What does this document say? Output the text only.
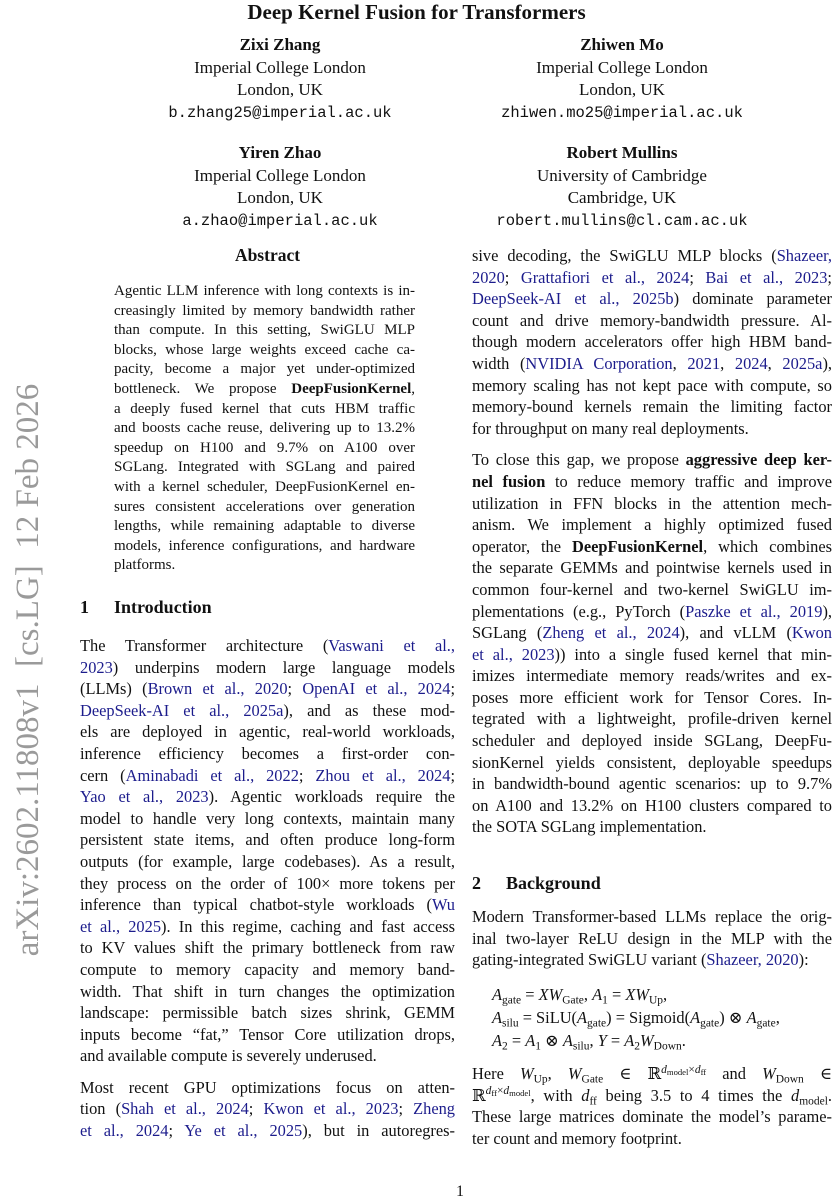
Deep Kernel Fusion for Transformers
Zixi Zhang
Imperial College London
London, UK
b.zhang25@imperial.ac.uk
Zhiwen Mo
Imperial College London
London, UK
zhiwen.mo25@imperial.ac.uk
Yiren Zhao
Imperial College London
London, UK
a.zhao@imperial.ac.uk
Robert Mullins
University of Cambridge
Cambridge, UK
robert.mullins@cl.cam.ac.uk
arXiv:2602.11808v1  [cs.LG]  12 Feb 2026
Abstract
Agentic LLM inference with long contexts is in-
creasingly limited by memory bandwidth rather
than compute. In this setting, SwiGLU MLP
blocks, whose large weights exceed cache ca-
pacity, become a major yet under-optimized
bottleneck. We propose DeepFusionKernel,
a deeply fused kernel that cuts HBM traffic
and boosts cache reuse, delivering up to 13.2%
speedup on H100 and 9.7% on A100 over
SGLang. Integrated with SGLang and paired
with a kernel scheduler, DeepFusionKernel en-
sures consistent accelerations over generation
lengths, while remaining adaptable to diverse
models, inference configurations, and hardware
platforms.
1 Introduction
The Transformer architecture (Vaswani et al.,
2023) underpins modern large language models
(LLMs) (Brown et al., 2020; OpenAI et al., 2024;
DeepSeek-AI et al., 2025a), and as these mod-
els are deployed in agentic, real-world workloads,
inference efficiency becomes a first-order con-
cern (Aminabadi et al., 2022; Zhou et al., 2024;
Yao et al., 2023). Agentic workloads require the
model to handle very long contexts, maintain many
persistent state items, and often produce long-form
outputs (for example, large codebases). As a result,
they process on the order of 100× more tokens per
inference than typical chatbot-style workloads (Wu
et al., 2025). In this regime, caching and fast access
to KV values shift the primary bottleneck from raw
compute to memory capacity and memory band-
width. That shift in turn changes the optimization
landscape: permissible batch sizes shrink, GEMM
inputs become “fat,” Tensor Core utilization drops,
and available compute is severely underused.
Most recent GPU optimizations focus on atten-
tion (Shah et al., 2024; Kwon et al., 2023; Zheng
et al., 2024; Ye et al., 2025), but in autoregres-
sive decoding, the SwiGLU MLP blocks (Shazeer,
2020; Grattafiori et al., 2024; Bai et al., 2023;
DeepSeek-AI et al., 2025b) dominate parameter
count and drive memory-bandwidth pressure. Al-
though modern accelerators offer high HBM band-
width (NVIDIA Corporation, 2021, 2024, 2025a),
memory scaling has not kept pace with compute, so
memory-bound kernels remain the limiting factor
for throughput on many real deployments.
To close this gap, we propose aggressive deep ker-
nel fusion to reduce memory traffic and improve
utilization in FFN blocks in the attention mech-
anism. We implement a highly optimized fused
operator, the DeepFusionKernel, which combines
the separate GEMMs and pointwise kernels used in
common four-kernel and two-kernel SwiGLU im-
plementations (e.g., PyTorch (Paszke et al., 2019),
SGLang (Zheng et al., 2024), and vLLM (Kwon
et al., 2023)) into a single fused kernel that min-
imizes intermediate memory reads/writes and ex-
poses more efficient work for Tensor Cores. In-
tegrated with a lightweight, profile-driven kernel
scheduler and deployed inside SGLang, DeepFu-
sionKernel yields consistent, deployable speedups
in bandwidth-bound agentic scenarios: up to 9.7%
on A100 and 13.2% on H100 clusters compared to
the SOTA SGLang implementation.
2 Background
Modern Transformer-based LLMs replace the orig-
inal two-layer ReLU design in the MLP with the
gating-integrated SwiGLU variant (Shazeer, 2020):
$A_{gate} = XW_{Gate}$, $A_1 = XW_{Up}$,
$A_{silu}$ = $SiLU(A_{gate})$ = $Sigmoid(A_{gate})$ ⊗ $A_{gate}$,
$A_2 = A_1$ ⊗ $A_{silu}$, $Y = A_2W_{Down}$.
Here $W_{Up}$, $W_{Gate}$ ∈ ℝ$^{d_{model}\times d_{ff}}$ and $W_{Down}$ ∈
ℝ$^{d_{ff}\times d_{model}}$, with $d_{ff}$ being 3.5 to 4 times the $d_{model}$.
These large matrices dominate the model’s parame-
ter count and memory footprint.
1
